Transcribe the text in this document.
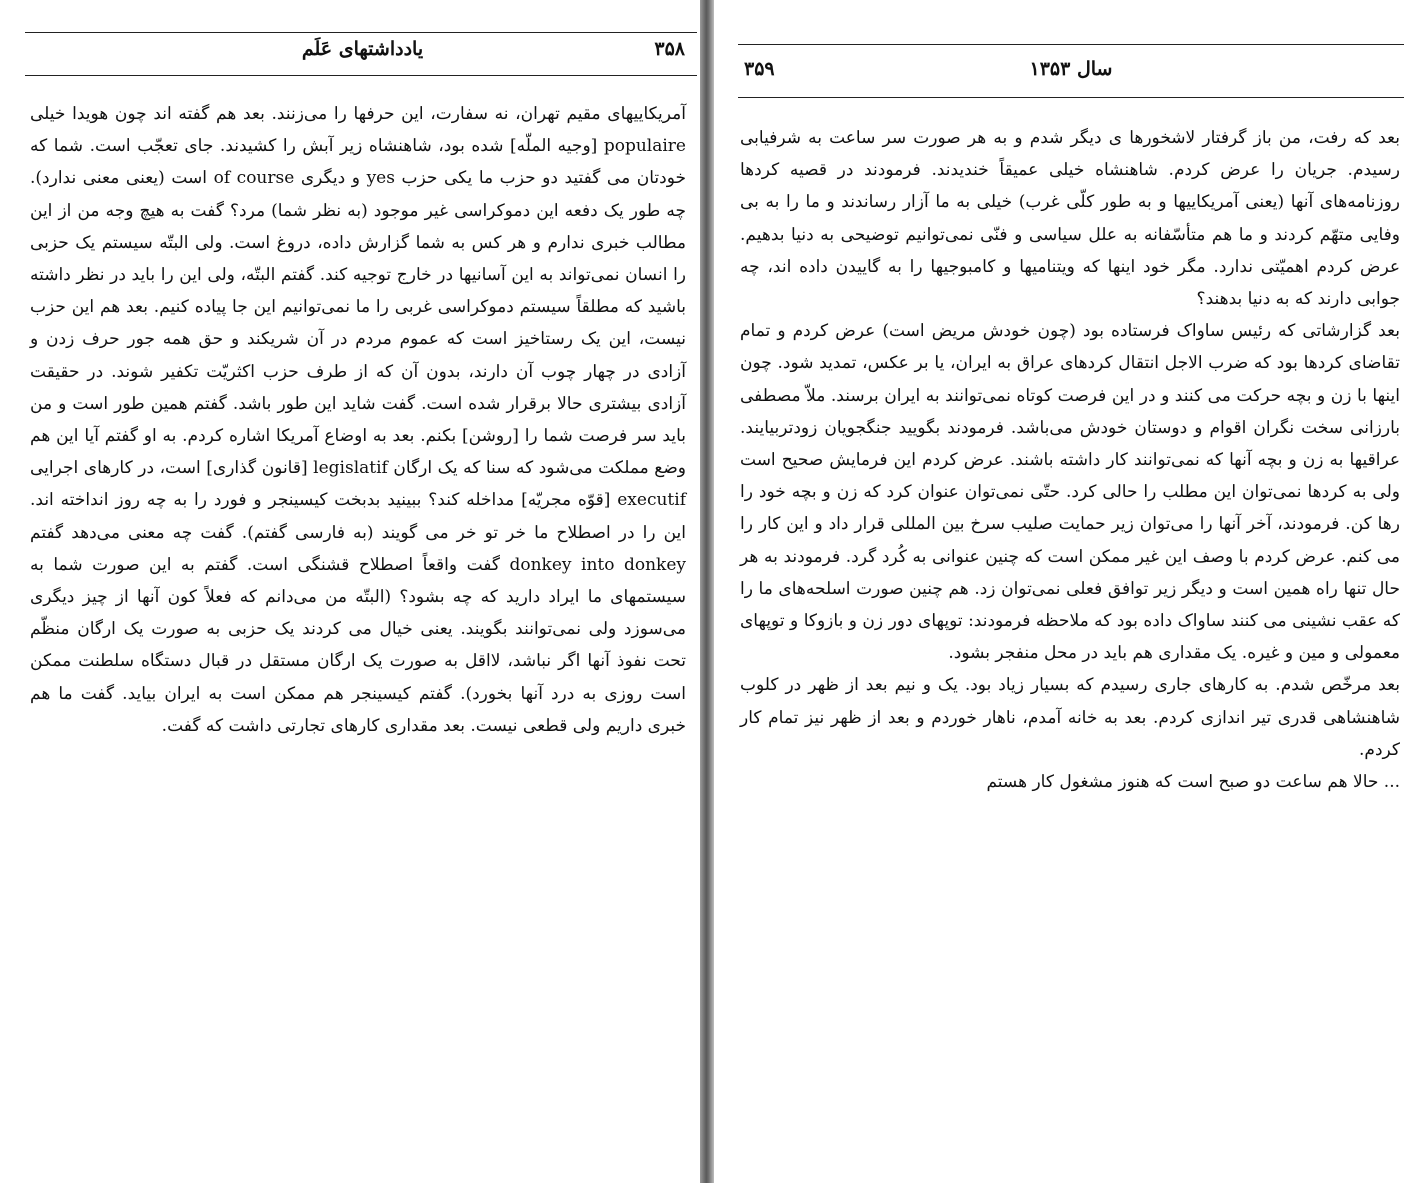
۳۵۸
یادداشتهای عَلَم

آمریکاییهای مقیم تهران، نه سفارت، این حرفها را می‌زنند. بعد هم گفته اند چون هویدا خیلی populaire [وجیه الملّه] شده بود، شاهنشاه زیر آبش را کشیدند. جای تعجّب است. شما که خودتان می گفتید دو حزب ما یکی حزب yes و دیگری of course است (یعنی معنی ندارد). چه طور یک دفعه این دموکراسی غیر موجود (به نظر شما) مرد؟ گفت به هیچ وجه من از این مطالب خبری ندارم و هر کس به شما گزارش داده، دروغ است. ولی البتّه سیستم یک حزبی را انسان نمی‌تواند به این آسانیها در خارج توجیه کند. گفتم البتّه، ولی این را باید در نظر داشته باشید که مطلقاً سیستم دموکراسی غربی را ما نمی‌توانیم این جا پیاده کنیم. بعد هم این حزب نیست، این یک رستاخیز است که عموم مردم در آن شریکند و حق همه جور حرف زدن و آزادی در چهار چوب آن دارند، بدون آن که از طرف حزب اکثریّت تکفیر شوند. در حقیقت آزادی بیشتری حالا برقرار شده است. گفت شاید این طور باشد. گفتم همین طور است و من باید سر فرصت شما را [روشن] بکنم. بعد به اوضاع آمریکا اشاره کردم. به او گفتم آیا این هم وضع مملکت می‌شود که سنا که یک ارگان legislatif [قانون گذاری] است، در کارهای اجرایی executif [قوّه مجریّه] مداخله کند؟ ببینید بدبخت کیسینجر و فورد را به چه روز انداخته اند. این را در اصطلاح ما خر تو خر می گویند (به فارسی گفتم). گفت چه معنی می‌دهد گفتم donkey into donkey گفت واقعاً اصطلاح قشنگی است. گفتم به این صورت شما به سیستمهای ما ایراد دارید که چه بشود؟ (البتّه من می‌دانم که فعلاً کون آنها از چیز دیگری می‌سوزد ولی نمی‌توانند بگویند. یعنی خیال می کردند یک حزبی به صورت یک ارگان منظّم تحت نفوذ آنها اگر نباشد، لااقل به صورت یک ارگان مستقل در قبال دستگاه سلطنت ممکن است روزی به درد آنها بخورد). گفتم کیسینجر هم ممکن است به ایران بیاید. گفت ما هم خبری داریم ولی قطعی نیست. بعد مقداری کارهای تجارتی داشت که گفت.

سال ۱۳۵۳
۳۵۹

بعد که رفت، من باز گرفتار لاشخورها ی دیگر شدم و به هر صورت سر ساعت به شرفیابی رسیدم. جریان را عرض کردم. شاهنشاه خیلی عمیقاً خندیدند. فرمودند در قصیه کردها روزنامه‌های آنها (یعنی آمریکاییها و به طور کلّی غرب) خیلی به ما آزار رساندند و ما را به بی وفایی متهّم کردند و ما هم متأسّفانه به علل سیاسی و فنّی نمی‌توانیم توضیحی به دنیا بدهیم. عرض کردم اهمیّتی ندارد. مگر خود اینها که ویتنامیها و کامبوجیها را به گاییدن داده اند، چه جوابی دارند که به دنیا بدهند؟

بعد گزارشاتی که رئیس ساواک فرستاده بود (چون خودش مریض است) عرض کردم و تمام تقاضای کردها بود که ضرب الاجل انتقال کردهای عراق به ایران، یا بر عکس، تمدید شود. چون اینها با زن و بچه حرکت می کنند و در این فرصت کوتاه نمی‌توانند به ایران برسند. ملاّ مصطفی بارزانی سخت نگران اقوام و دوستان خودش می‌باشد. فرمودند بگویید جنگجویان زودتربیایند. عراقیها به زن و بچه آنها که نمی‌توانند کار داشته باشند. عرض کردم این فرمایش صحیح است ولی به کردها نمی‌توان این مطلب را حالی کرد. حتّی نمی‌توان عنوان کرد که زن و بچه خود را رها کن. فرمودند، آخر آنها را می‌توان زیر حمایت صلیب سرخ بین المللی قرار داد و این کار را می کنم. عرض کردم با وصف این غیر ممکن است که چنین عنوانی به کُرد گرد. فرمودند به هر حال تنها راه همین است و دیگر زیر توافق فعلی نمی‌توان زد. هم چنین صورت اسلحه‌های ما را که عقب نشینی می کنند ساواک داده بود که ملاحظه فرمودند: توپهای دور زن و بازوکا و توپهای معمولی و مین و غیره. یک مقداری هم باید در محل منفجر بشود.

بعد مرخّص شدم. به کارهای جاری رسیدم که بسیار زیاد بود. یک و نیم بعد از ظهر در کلوب شاهنشاهی قدری تیر اندازی کردم. بعد به خانه آمدم، ناهار خوردم و بعد از ظهر نیز تمام کار کردم.

... حالا هم ساعت دو صبح است که هنوز مشغول کار هستم
